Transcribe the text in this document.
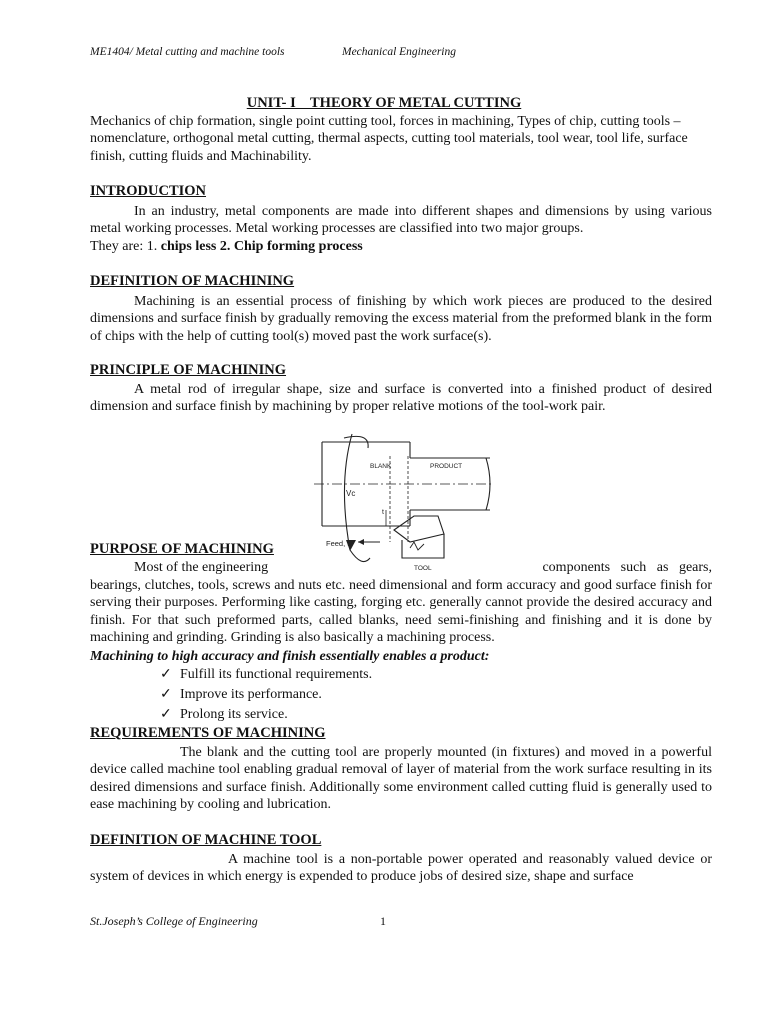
ME1404/ Metal cutting and machine tools	Mechanical Engineering
UNIT- I    THEORY OF METAL CUTTING
Mechanics of chip formation, single point cutting tool, forces in machining, Types of chip, cutting tools – nomenclature, orthogonal metal cutting, thermal aspects, cutting tool materials, tool wear, tool life, surface finish, cutting fluids and Machinability.
INTRODUCTION
In an industry, metal components are made into different shapes and dimensions by using various metal working processes. Metal working processes are classified into two major groups.
They are: 1. chips less 2. Chip forming process
DEFINITION OF MACHINING
Machining is an essential process of finishing by which work pieces are produced to the desired dimensions and surface finish by gradually removing the excess material from the preformed blank in the form of chips with the help of cutting tool(s) moved past the work surface(s).
PRINCIPLE OF MACHINING
A metal rod of irregular shape, size and surface is converted into a finished product of desired dimension and surface finish by machining by proper relative motions of the tool-work pair.
BLANK	PRODUCT
Vc
t
Feed, f
TOOL
PURPOSE OF MACHINING
Most of the engineering	components   such   as   gears,
bearings, clutches, tools, screws and nuts etc. need dimensional and form accuracy and good surface finish for serving their purposes. Performing like casting, forging etc. generally cannot provide the desired accuracy and finish. For that such preformed parts, called blanks, need semi-finishing and finishing and it is done by machining and grinding. Grinding is also basically a machining process.
Machining to high accuracy and finish essentially enables a product:
✓ Fulfill its functional requirements.
✓ Improve its performance.
✓ Prolong its service.
REQUIREMENTS OF MACHINING
The blank and the cutting tool are properly mounted (in fixtures) and moved in a powerful device called machine tool enabling gradual removal of layer of material from the work surface resulting in its desired dimensions and surface finish. Additionally some environment called cutting fluid is generally used to ease machining by cooling and lubrication.
DEFINITION OF MACHINE TOOL
A machine tool is a non-portable power operated and reasonably valued device or system of devices in which energy is expended to produce jobs of desired size, shape and surface
St.Joseph’s College of Engineering	1
